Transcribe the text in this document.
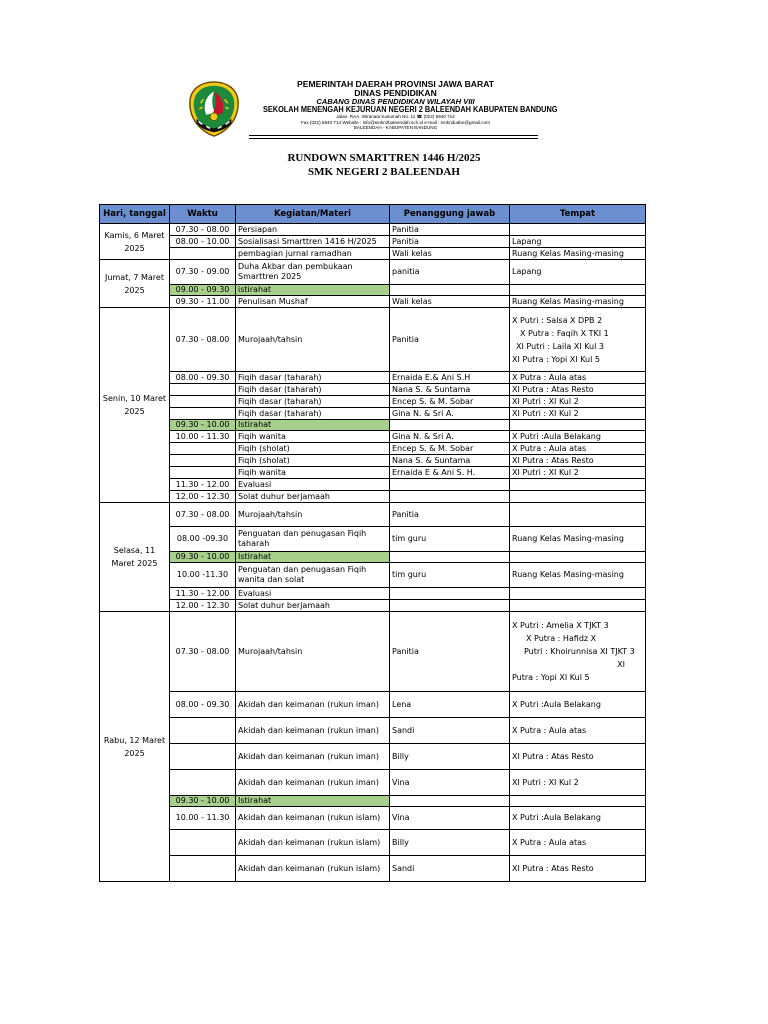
PEMERINTAH DAERAH PROVINSI JAWA BARAT
DINAS PENDIDIKAN
CABANG DINAS PENDIDIKAN WILAYAH VIII
SEKOLAH MENENGAH KEJURUAN NEGERI 2 BALEENDAH KABUPATEN BANDUNG
Jalan. RAA. Wiranata Kusumah No. 11 ☎ (022) 5940 714
Fax (022) 5940 714 Website : info@smkn2baleendah.sch.id e-mail : smknduabe@gmail.com
BALEENDAH - KABUPATEN BANDUNG
RUNDOWN SMARTTREN 1446 H/2025
SMK NEGERI 2 BALEENDAH
Hari, tanggal	Waktu	Kegiatan/Materi	Penanggung jawab	Tempat
Kamis, 6 Maret 2025	07.30 - 08.00	Persiapan	Panitia	
	08.00 - 10.00	Sosialisasi Smarttren 1416 H/2025	Panitia	Lapang
		pembagian jurnal ramadhan	Wali kelas	Ruang Kelas Masing-masing
Jumat, 7 Maret 2025	07.30 - 09.00	Duha Akbar dan pembukaan Smarttren 2025	panitia	Lapang
	09.00 - 09.30	istirahat		
	09.30 - 11.00	Penulisan Mushaf	Wali kelas	Ruang Kelas Masing-masing
Senin, 10 Maret 2025	07.30 - 08.00	Murojaah/tahsin	Panitia	X Putri : Salsa X DPB 2
X Putra : Faqih X TKI 1
XI Putri : Laila XI Kul 3
XI Putra : Yopi XI Kul 5

	08.00 - 09.30	Fiqih dasar (taharah)	Ernaida E.& Ani S.H	X Putra : Aula atas
		Fiqih dasar (taharah)	Nana S. & Suntama	XI Putra : Atas Resto
		Fiqih dasar (taharah)	Encep S. & M. Sobar	XI Putri : XI Kul 2
		Fiqih dasar (taharah)	Gina N. & Sri A.	XI Putri : XI Kul 2
	09.30 - 10.00	Istirahat		
	10.00 - 11.30	Fiqih wanita	Gina N. & Sri A.	X Putri :Aula Belakang
		Fiqih (sholat)	Encep S. & M. Sobar	X Putra : Aula atas
		Fiqih (sholat)	Nana S. & Suntama	XI Putra : Atas Resto
		Fiqih wanita	Ernaida E & Ani S. H.	XI Putri : XI Kul 2
	11.30 - 12.00	Evaluasi		
	12.00 - 12.30	Solat duhur berjamaah		
Selasa, 11 Maret 2025	07.30 - 08.00	Murojaah/tahsin	Panitia	
	08.00 -09.30	Penguatan dan penugasan Fiqih taharah	tim guru	Ruang Kelas Masing-masing
	09.30 - 10.00	Istirahat		
	10.00 -11.30	Penguatan dan penugasan Fiqih wanita dan solat	tim guru	Ruang Kelas Masing-masing
	11.30 - 12.00	Evaluasi		
	12.00 - 12.30	Solat duhur berjamaah		
Rabu, 12 Maret 2025	07.30 - 08.00	Murojaah/tahsin	Panitia	X Putri : Amelia X TJKT 3
X Putra : Hafidz X
Putri : Khoirunnisa XI TJKT 3
XI
Putra : Yopi XI Kul 5

	08.00 - 09.30	Akidah dan keimanan (rukun iman)	Lena	X Putri :Aula Belakang
		Akidah dan keimanan (rukun iman)	Sandi	X Putra : Aula atas
		Akidah dan keimanan (rukun iman)	Billy	XI Putra : Atas Resto
		Akidah dan keimanan (rukun iman)	Vina	XI Putri : XI Kul 2
	09.30 - 10.00	Istirahat		
	10.00 - 11.30	Akidah dan keimanan (rukun islam)	Vina	X Putri :Aula Belakang
		Akidah dan keimanan (rukun islam)	Billy	X Putra : Aula atas
		Akidah dan keimanan (rukun islam)	Sandi	XI Putra : Atas Resto
